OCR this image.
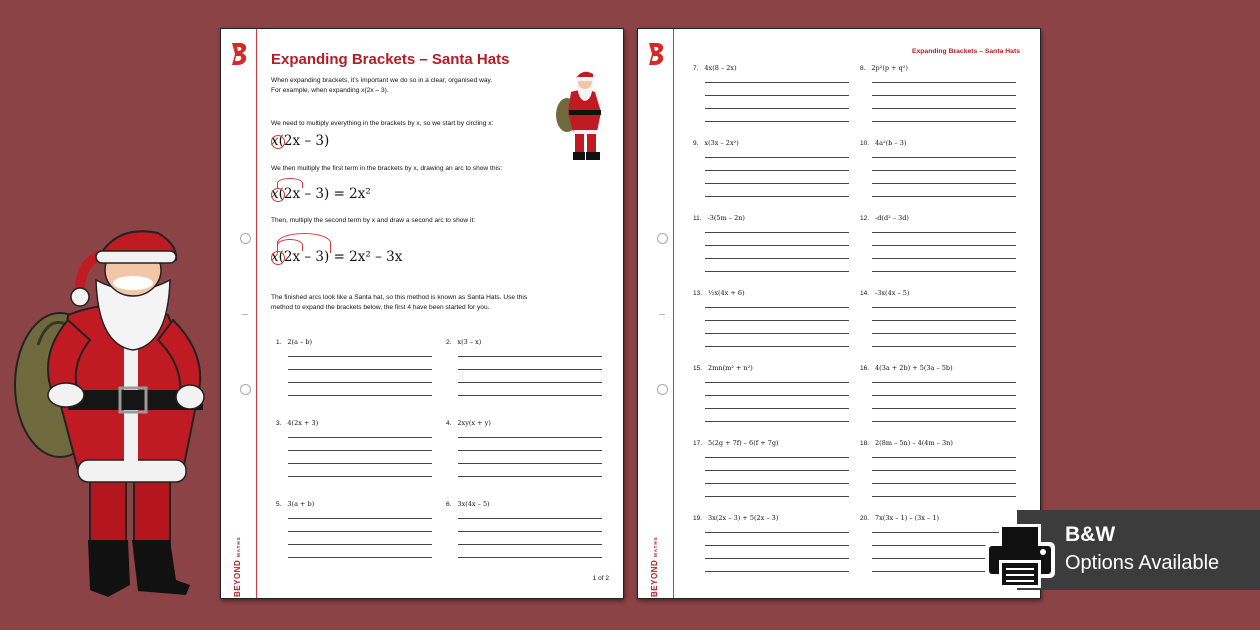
BEYOND MATHS
Expanding Brackets – Santa Hats
When expanding brackets, it’s important we do so in a clear, organised way.
For example, when expanding x(2x – 3).
We need to multiply everything in the brackets by x, so we start by circling x:
x(2x – 3)
We then multiply the first term in the brackets by x, drawing an arc to show this:
x(2x – 3) = 2x²
Then, multiply the second term by x and draw a second arc to show it:
x(2x – 3) = 2x² – 3x
The finished arcs look like a Santa hat, so this method is known as Santa Hats. Use this
method to expand the brackets below, the first 4 have been started for you.
1. 2(a – b)	2. x(3 – x)
3. 4(2x + 3)	4. 2xy(x + y)
5. 3(a + b)	6. 3x(4x – 5)
1 of 2	BEYOND MATHS
Expanding Brackets – Santa Hats
7. 4x(8 – 2x)	8. 2p²(p + q²)
9. x(3x – 2x²)	10. 4a²(b – 3)
11. -3(5m – 2n)	12. -d(d² – 3d)
13. ½x(4x + 6)	14. -3x(4x – 5)
15. 2mn(m² + n²)	16. 4(3a + 2b) + 5(3a – 5b)
17. 5(2g + 7f) – 6(f + 7g)	18. 2(8m – 5n) – 4(4m – 3n)
19. 3x(2x – 3) + 5(2x – 3)	20. 7x(3x – 1) – (3x – 1)
B&W
Options Available
